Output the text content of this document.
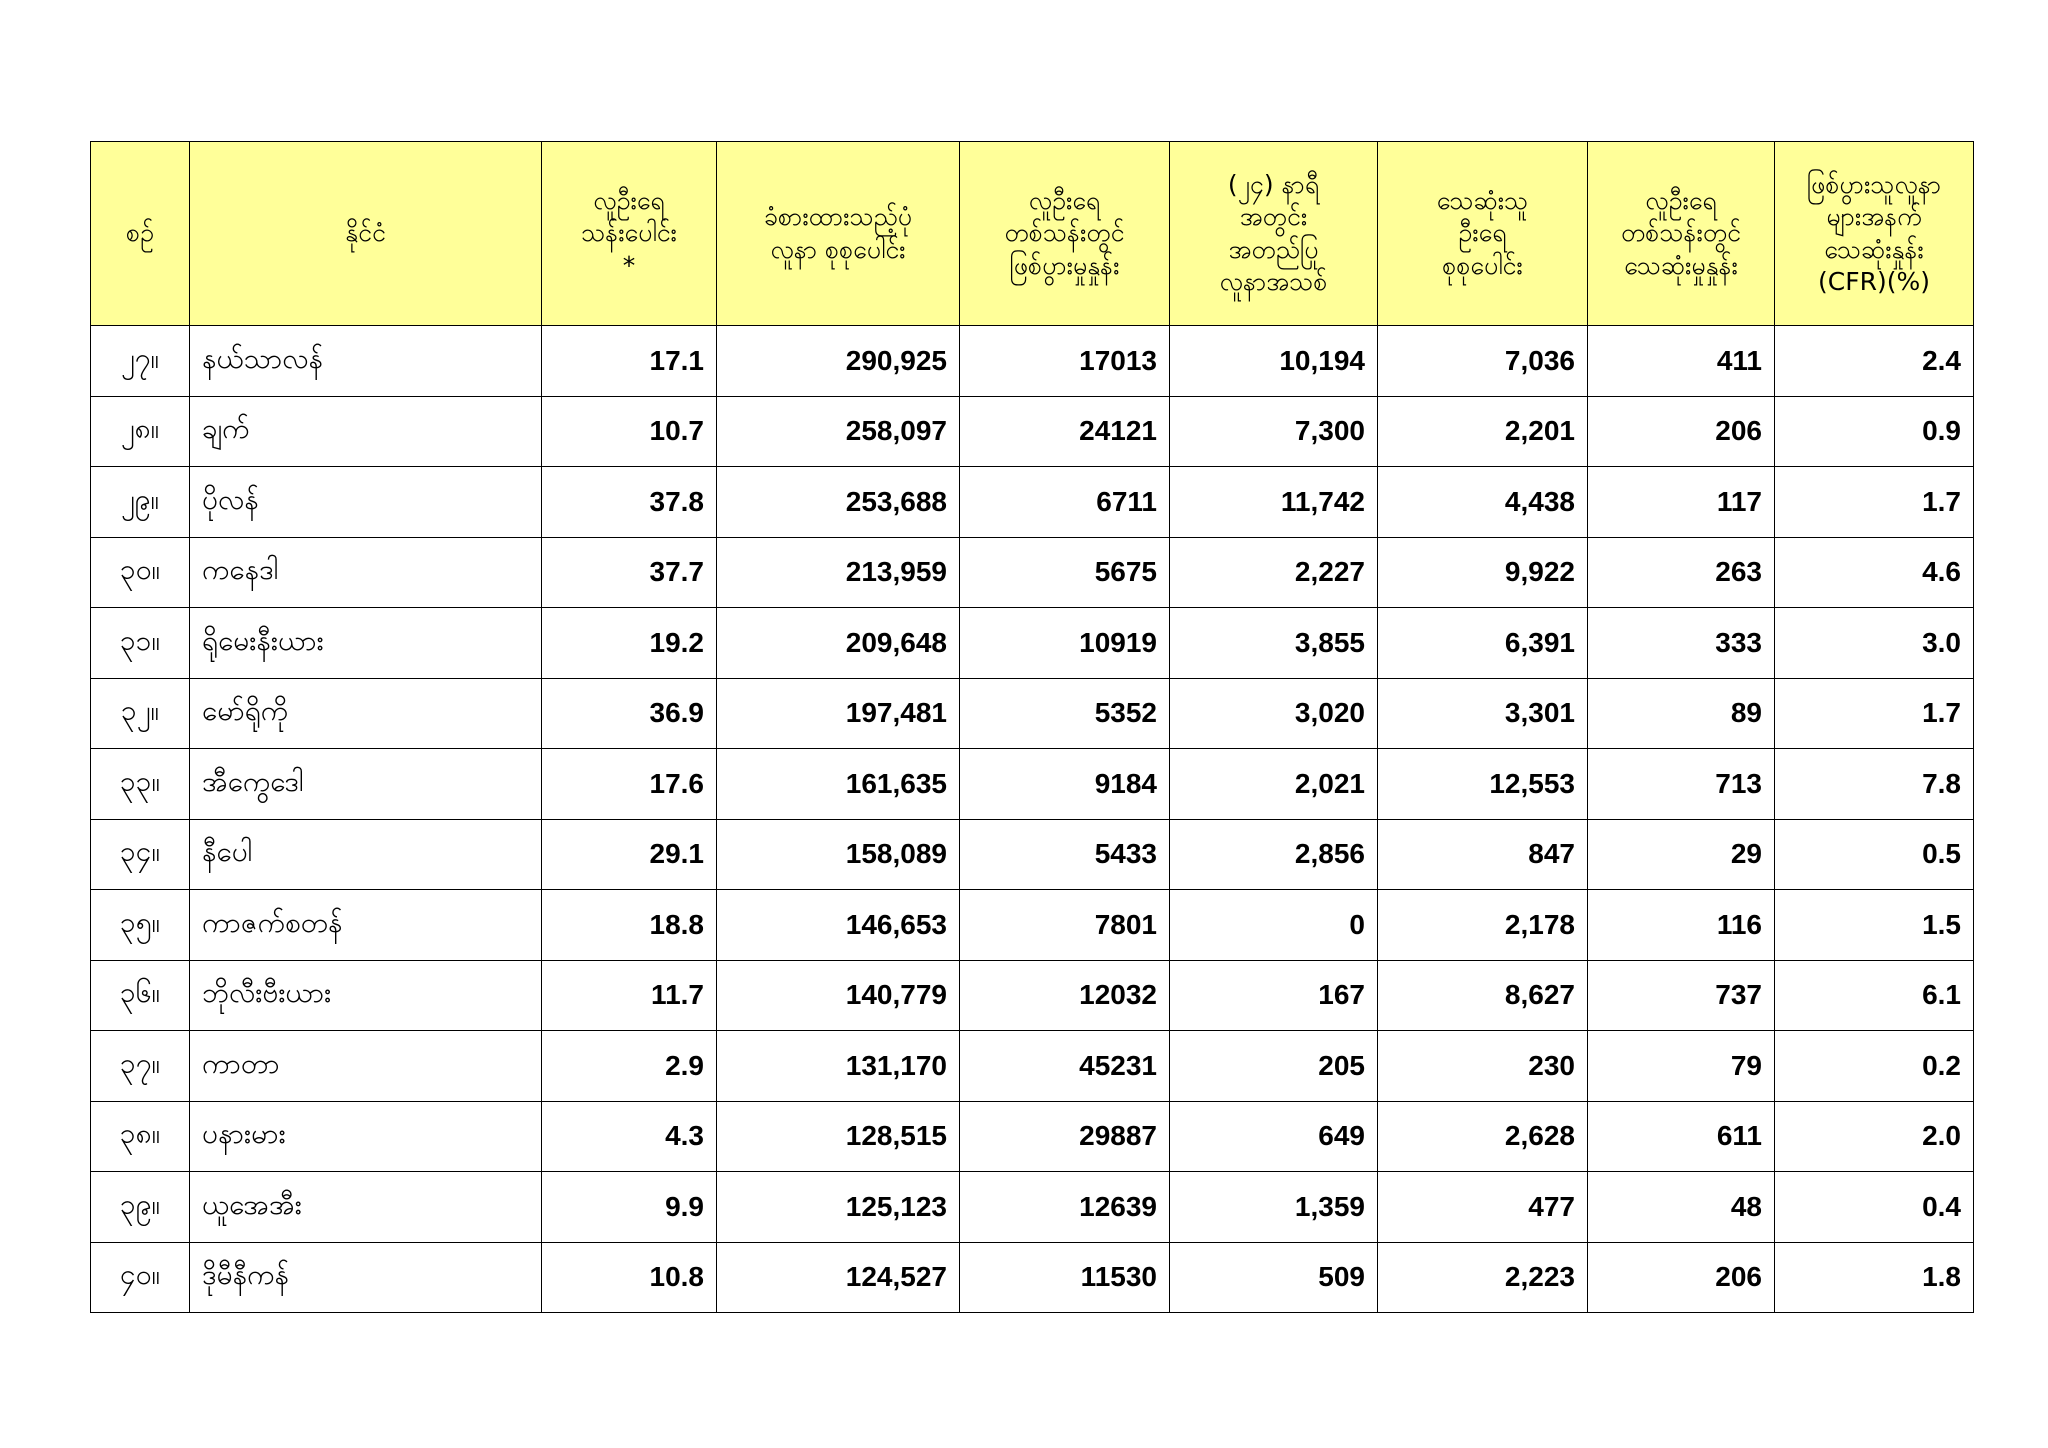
စဉ်	နိုင်ငံ	လူဦးရေ
သန်းပေါင်း
*	ခံစားထားသည့်ပုံ
လူနာ စုစုပေါင်း	လူဦးရေ
တစ်သန်းတွင်
ဖြစ်ပွားမှုနှုန်း	(၂၄) နာရီ
အတွင်း
အတည်ပြု
လူနာအသစ်	သေဆုံးသူ
ဦးရေ
စုစုပေါင်း	လူဦးရေ
တစ်သန်းတွင်
သေဆုံးမှုနှုန်း	ဖြစ်ပွားသူလူနာ
များအနက်
သေဆုံးနှုန်း
(CFR)(%)
၂၇။	နယ်သာလန်	17.1	290,925	17013	10,194	7,036	411	2.4
၂၈။	ချက်	10.7	258,097	24121	7,300	2,201	206	0.9
၂၉။	ပိုလန်	37.8	253,688	6711	11,742	4,438	117	1.7
၃၀။	ကနေဒါ	37.7	213,959	5675	2,227	9,922	263	4.6
၃၁။	ရိုမေးနီးယား	19.2	209,648	10919	3,855	6,391	333	3.0
၃၂။	မော်ရိုကို	36.9	197,481	5352	3,020	3,301	89	1.7
၃၃။	အီကွေဒေါ	17.6	161,635	9184	2,021	12,553	713	7.8
၃၄။	နီပေါ	29.1	158,089	5433	2,856	847	29	0.5
၃၅။	ကာဇက်စတန်	18.8	146,653	7801	0	2,178	116	1.5
၃၆။	ဘိုလီးဗီးယား	11.7	140,779	12032	167	8,627	737	6.1
၃၇။	ကာတာ	2.9	131,170	45231	205	230	79	0.2
၃၈။	ပနားမား	4.3	128,515	29887	649	2,628	611	2.0
၃၉။	ယူအေအီး	9.9	125,123	12639	1,359	477	48	0.4
၄၀။	ဒိုမီနီကန်	10.8	124,527	11530	509	2,223	206	1.8
